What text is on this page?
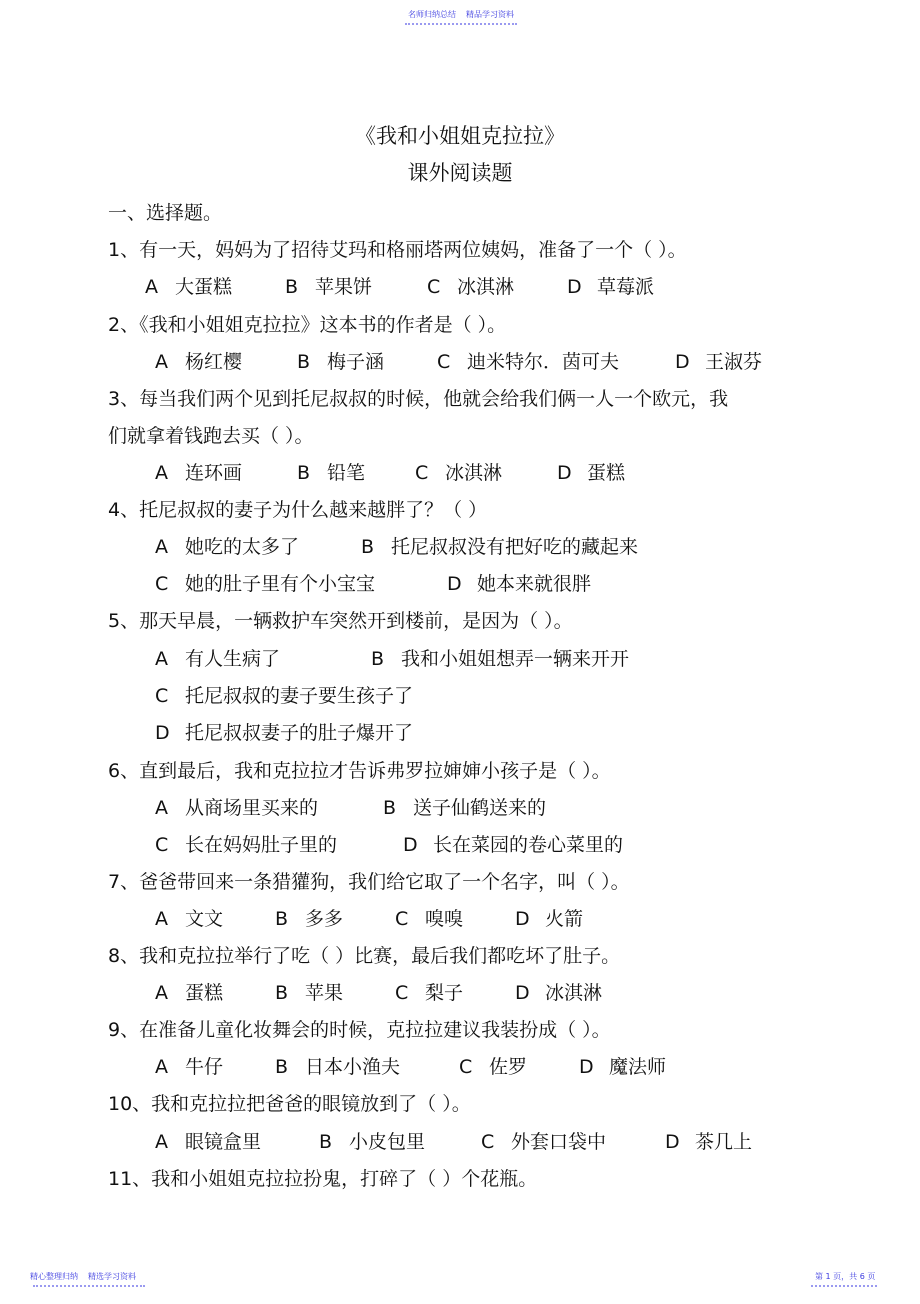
名师归纳总结 精品学习资料
《我和小姐姐克拉拉》
课外阅读题
一、选择题。
1、有一天，妈妈为了招待艾玛和格丽塔两位姨妈，准备了一个（ ）。
A 大蛋糕	B 苹果饼	C 冰淇淋	D 草莓派
2、《我和小姐姐克拉拉》这本书的作者是（ ）。
A 杨红樱	B 梅子涵	C 迪米特尔．茵可夫	D 王淑芬
3、每当我们两个见到托尼叔叔的时候，他就会给我们俩一人一个欧元，我
们就拿着钱跑去买（ ）。
A 连环画	B 铅笔	C 冰淇淋	D 蛋糕
4、托尼叔叔的妻子为什么越来越胖了？（ ）
A 她吃的太多了	B 托尼叔叔没有把好吃的藏起来
C 她的肚子里有个小宝宝	D 她本来就很胖
5、那天早晨，一辆救护车突然开到楼前，是因为（ ）。
A 有人生病了	B 我和小姐姐想弄一辆来开开
C 托尼叔叔的妻子要生孩子了
D 托尼叔叔妻子的肚子爆开了
6、直到最后，我和克拉拉才告诉弗罗拉婶婶小孩子是（ ）。
A 从商场里买来的	B 送子仙鹤送来的
C 长在妈妈肚子里的	D 长在菜园的卷心菜里的
7、爸爸带回来一条猎獾狗，我们给它取了一个名字，叫（ ）。
A 文文	B 多多	C 嗅嗅	D 火箭
8、我和克拉拉举行了吃（ ）比赛，最后我们都吃坏了肚子。
A 蛋糕	B 苹果	C 梨子	D 冰淇淋
9、在准备儿童化妆舞会的时候，克拉拉建议我装扮成（ ）。
A 牛仔	B 日本小渔夫	C 佐罗	D 魔法师
10、我和克拉拉把爸爸的眼镜放到了（ ）。
A 眼镜盒里	B 小皮包里	C 外套口袋中	D 茶几上
11、我和小姐姐克拉拉扮鬼，打碎了（ ）个花瓶。
精心整理归纳 精选学习资料	第 1 页，共 6 页
